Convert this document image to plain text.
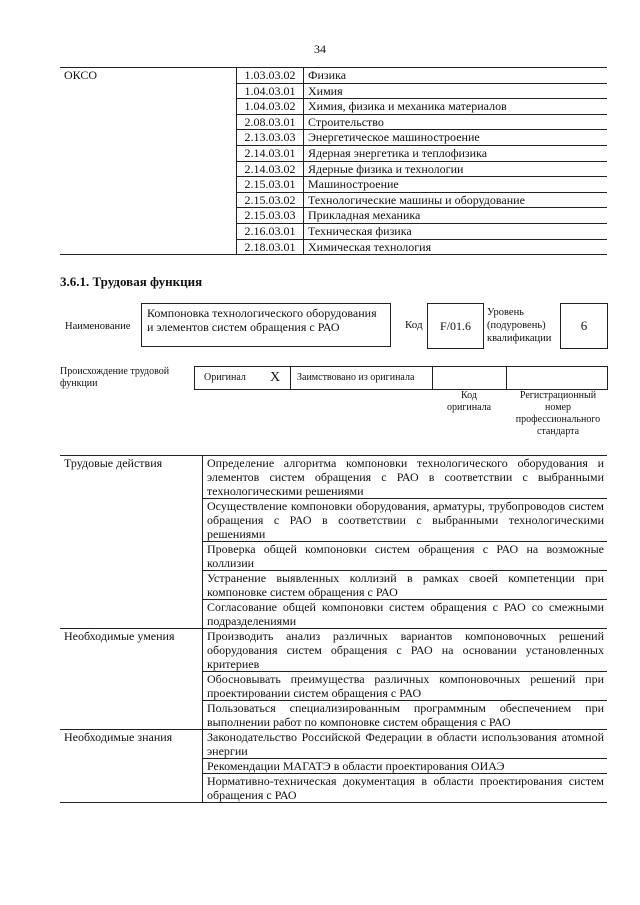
34
ОКСО	1.03.03.02	Физика
	1.04.03.01	Химия
	1.04.03.02	Химия, физика и механика материалов
	2.08.03.01	Строительство
	2.13.03.03	Энергетическое машиностроение
	2.14.03.01	Ядерная энергетика и теплофизика
	2.14.03.02	Ядерные физика и технологии
	2.15.03.01	Машиностроение
	2.15.03.02	Технологические машины и оборудование
	2.15.03.03	Прикладная механика
	2.16.03.01	Техническая физика
	2.18.03.01	Химическая технология
3.6.1. Трудовая функция
Наименование
Компоновка технологического оборудования и элементов систем обращения с РАО	Код	F/01.6
Уровень
(подуровень)
квалификации
6
Происхождение трудовой функции
Оригинал X Заимствовано из оригинала
Код
оригинала
Регистрационный
номер
профессионального
стандарта
Трудовые действия	Определение алгоритма компоновки технологического оборудования и элементов систем обращения с РАО в соответствии с выбранными технологическими решениями
	Осуществление компоновки оборудования, арматуры, трубопроводов систем обращения с РАО в соответствии с выбранными технологическими решениями
	Проверка общей компоновки систем обращения с РАО на возможные коллизии
	Устранение выявленных коллизий в рамках своей компетенции при компоновке систем обращения с РАО
	Согласование общей компоновки систем обращения с РАО со смежными подразделениями
Необходимые умения	Производить анализ различных вариантов компоновочных решений оборудования систем обращения с РАО на основании установленных критериев
	Обосновывать преимущества различных компоновочных решений при проектировании систем обращения с РАО
	Пользоваться специализированным программным обеспечением при выполнении работ по компоновке систем обращения с РАО
Необходимые знания	Законодательство Российской Федерации в области использования атомной энергии
	Рекомендации МАГАТЭ в области проектирования ОИАЭ
	Нормативно-техническая документация в области проектирования систем обращения с РАО
